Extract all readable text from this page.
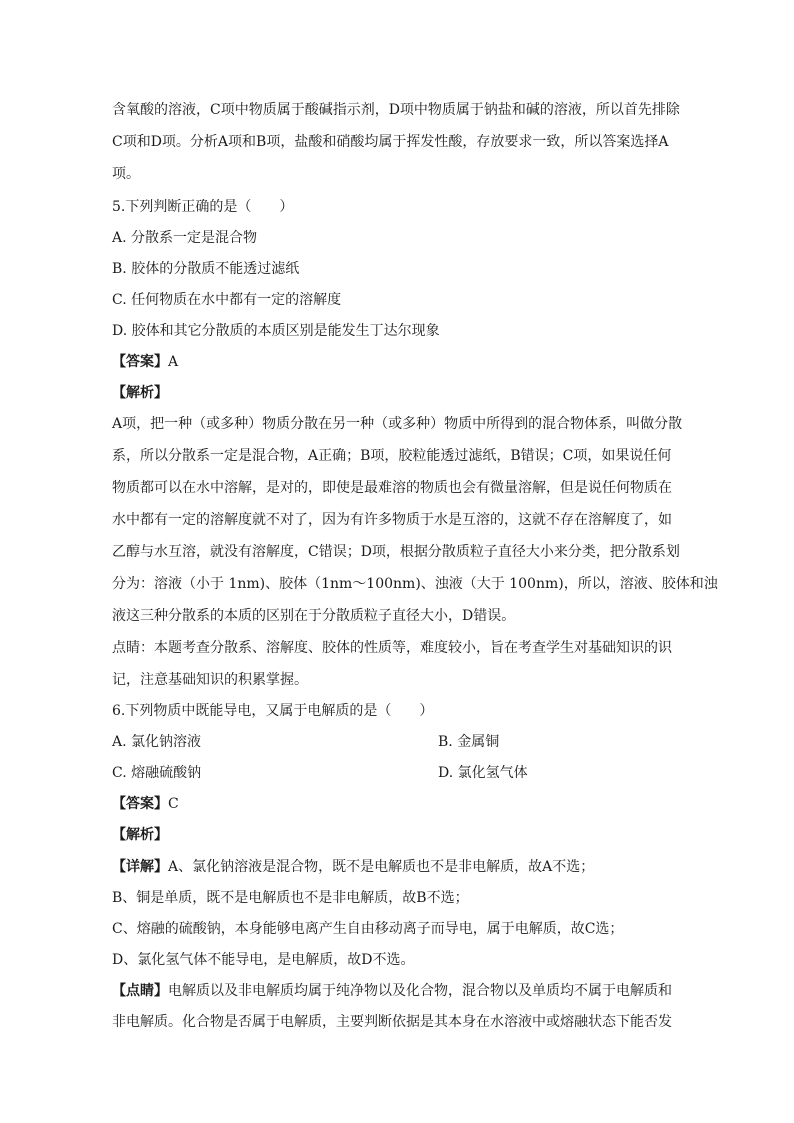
含氧酸的溶液，C项中物质属于酸碱指示剂，D项中物质属于钠盐和碱的溶液，所以首先排除
C项和D项。分析A项和B项，盐酸和硝酸均属于挥发性酸，存放要求一致，所以答案选择A
项。
5.下列判断正确的是（　　）
A. 分散系一定是混合物
B. 胶体的分散质不能透过滤纸
C. 任何物质在水中都有一定的溶解度
D. 胶体和其它分散质的本质区别是能发生丁达尔现象
【答案】A
【解析】
A项，把一种（或多种）物质分散在另一种（或多种）物质中所得到的混合物体系，叫做分散
系，所以分散系一定是混合物，A正确；B项，胶粒能透过滤纸，B错误；C项，如果说任何
物质都可以在水中溶解，是对的，即使是最难溶的物质也会有微量溶解，但是说任何物质在
水中都有一定的溶解度就不对了，因为有许多物质于水是互溶的，这就不存在溶解度了，如
乙醇与水互溶，就没有溶解度，C错误；D项，根据分散质粒子直径大小来分类，把分散系划
分为：溶液（小于 1nm)、胶体（1nm～100nm)、浊液（大于 100nm)，所以，溶液、胶体和浊
液这三种分散系的本质的区别在于分散质粒子直径大小，D错误。
点睛：本题考查分散系、溶解度、胶体的性质等，难度较小，旨在考查学生对基础知识的识
记，注意基础知识的积累掌握。
6.下列物质中既能导电，又属于电解质的是（　　）
A. 氯化钠溶液	B. 金属铜
C. 熔融硫酸钠	D. 氯化氢气体
【答案】C
【解析】
【详解】A、氯化钠溶液是混合物，既不是电解质也不是非电解质，故A不选；
B、铜是单质，既不是电解质也不是非电解质，故B不选；
C、熔融的硫酸钠，本身能够电离产生自由移动离子而导电，属于电解质，故C选；
D、氯化氢气体不能导电，是电解质，故D不选。
【点睛】电解质以及非电解质均属于纯净物以及化合物，混合物以及单质均不属于电解质和
非电解质。化合物是否属于电解质，主要判断依据是其本身在水溶液中或熔融状态下能否发
